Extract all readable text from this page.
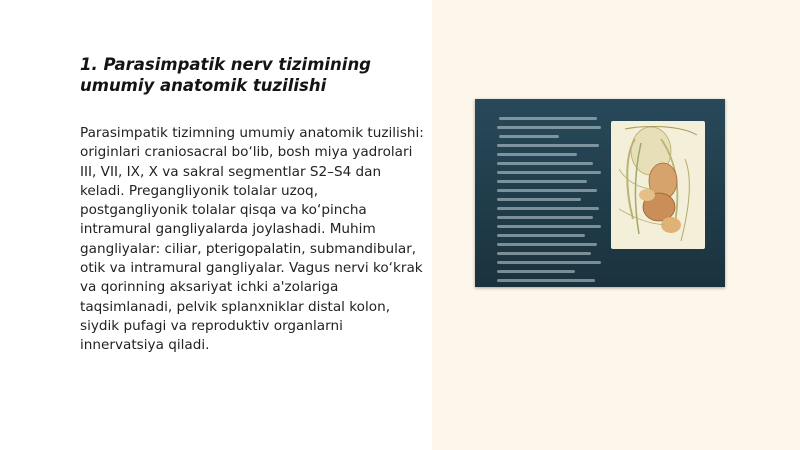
1. Parasimpatik nerv tizimining umumiy anatomik tuzilishi
Parasimpatik tizimning umumiy anatomik tuzilishi: originlari craniosacral bo‘lib, bosh miya yadrolari III, VII, IX, X va sakral segmentlar S2–S4 dan keladi. Pregangliyonik tolalar uzoq, postgangliyonik tolalar qisqa va ko‘pincha intramural gangliyalarda joylashadi. Muhim gangliyalar: ciliar, pterigopalatin, submandibular, otik va intramural gangliyalar. Vagus nervi ko‘krak va qorinning aksariyat ichki a'zolariga taqsimlanadi, pelvik splanxniklar distal kolon, siydik pufagi va reproduktiv organlarni innervatsiya qiladi.
